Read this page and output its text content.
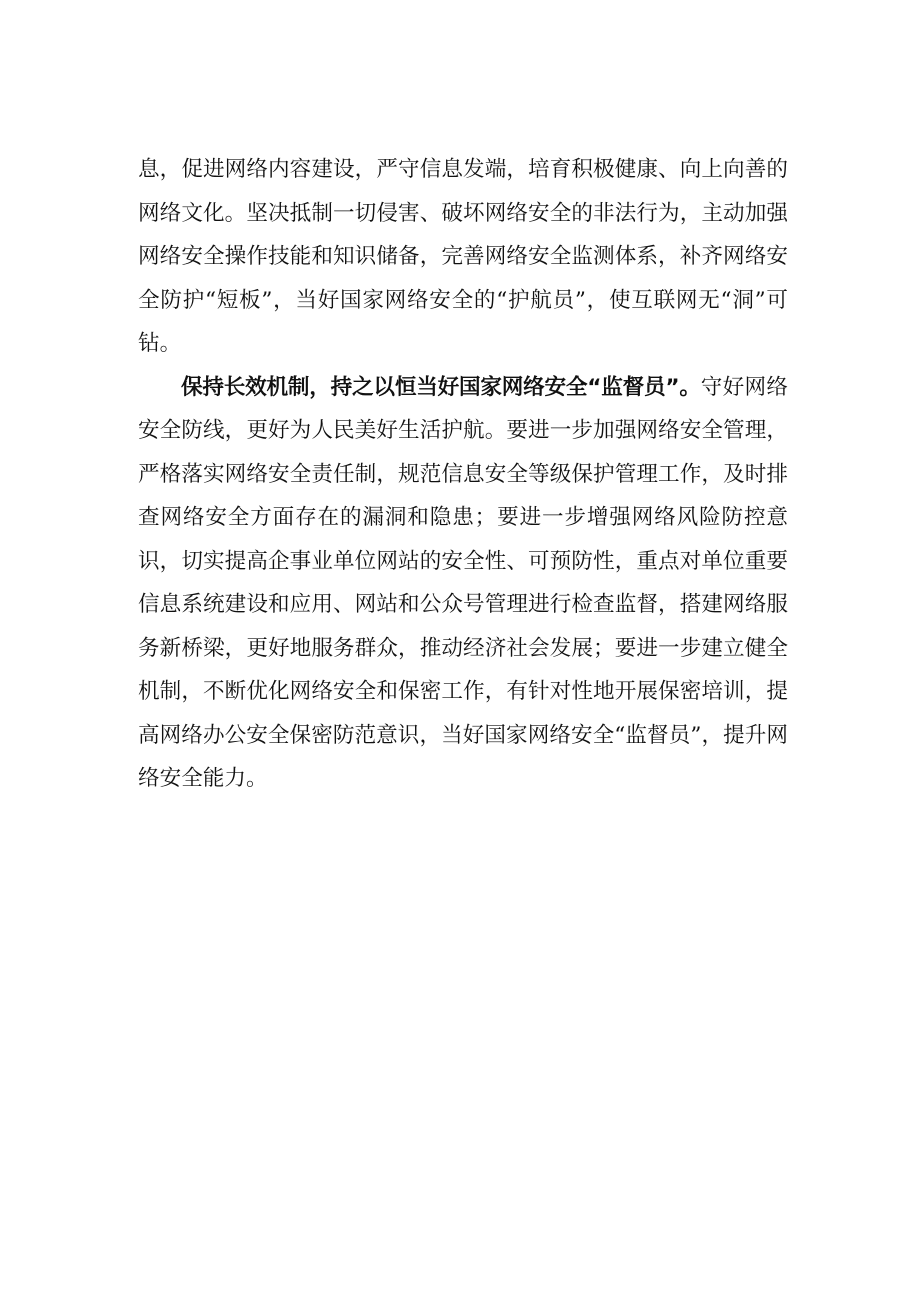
息，促进网络内容建设，严守信息发端，培育积极健康、向上向善的网络文化。坚决抵制一切侵害、破坏网络安全的非法行为，主动加强网络安全操作技能和知识储备，完善网络安全监测体系，补齐网络安全防护“短板”，当好国家网络安全的“护航员”，使互联网无“洞”可钻。

保持长效机制，持之以恒当好国家网络安全“监督员”。守好网络安全防线，更好为人民美好生活护航。要进一步加强网络安全管理，严格落实网络安全责任制，规范信息安全等级保护管理工作，及时排查网络安全方面存在的漏洞和隐患；要进一步增强网络风险防控意识，切实提高企事业单位网站的安全性、可预防性，重点对单位重要信息系统建设和应用、网站和公众号管理进行检查监督，搭建网络服务新桥梁，更好地服务群众，推动经济社会发展；要进一步建立健全机制，不断优化网络安全和保密工作，有针对性地开展保密培训，提高网络办公安全保密防范意识，当好国家网络安全“监督员”，提升网络安全能力。
